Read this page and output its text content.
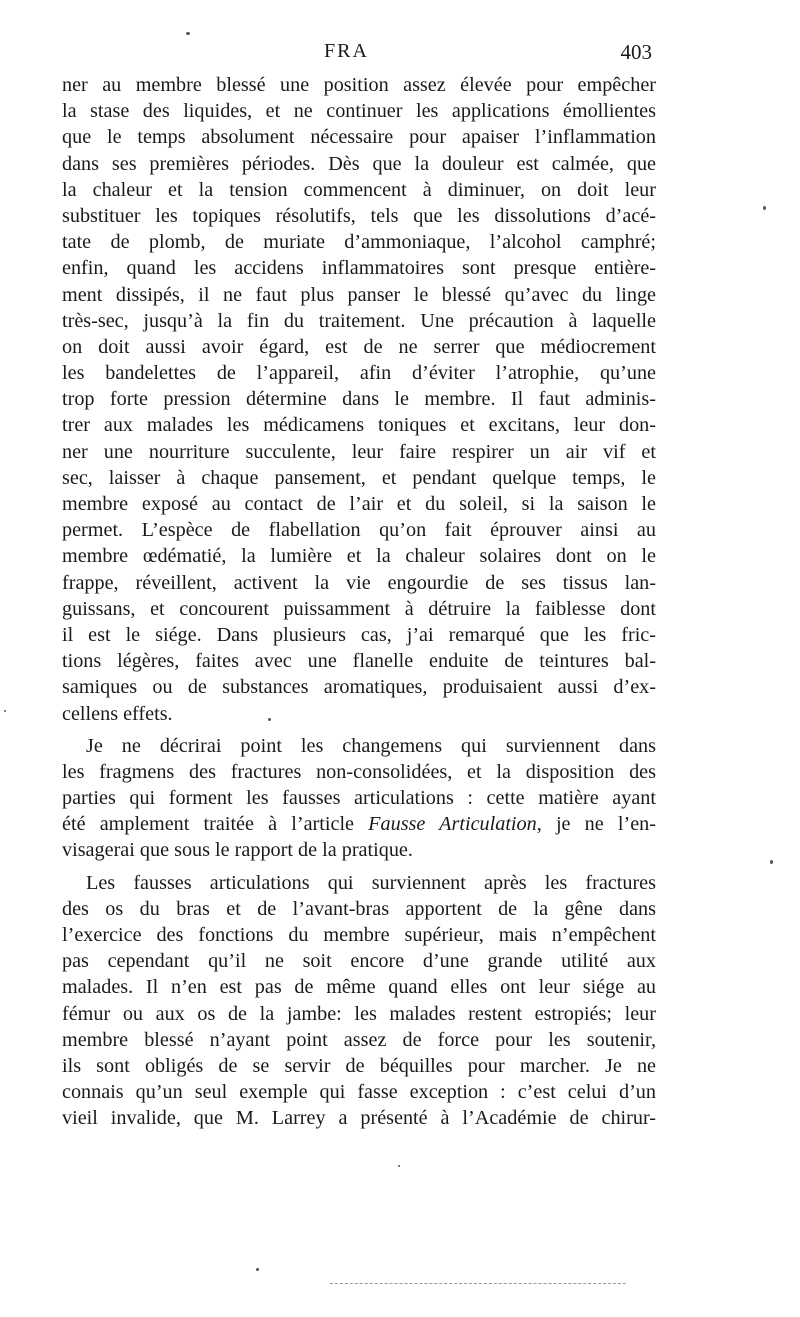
FRA	403
ner au membre blessé une position assez élevée pour empêcher
la stase des liquides, et ne continuer les applications émollientes
que le temps absolument nécessaire pour apaiser l’inflammation
dans ses premières périodes. Dès que la douleur est calmée, que
la chaleur et la tension commencent à diminuer, on doit leur
substituer les topiques résolutifs, tels que les dissolutions d’acé-
tate de plomb, de muriate d’ammoniaque, l’alcohol camphré;
enfin, quand les accidens inflammatoires sont presque entière-
ment dissipés, il ne faut plus panser le blessé qu’avec du linge
très-sec, jusqu’à la fin du traitement. Une précaution à laquelle
on doit aussi avoir égard, est de ne serrer que médiocrement
les bandelettes de l’appareil, afin d’éviter l’atrophie, qu’une
trop forte pression détermine dans le membre. Il faut adminis-
trer aux malades les médicamens toniques et excitans, leur don-
ner une nourriture succulente, leur faire respirer un air vif et
sec, laisser à chaque pansement, et pendant quelque temps, le
membre exposé au contact de l’air et du soleil, si la saison le
permet. L’espèce de flabellation qu’on fait éprouver ainsi au
membre œdématié, la lumière et la chaleur solaires dont on le
frappe, réveillent, activent la vie engourdie de ses tissus lan-
guissans, et concourent puissamment à détruire la faiblesse dont
il est le siége. Dans plusieurs cas, j’ai remarqué que les fric-
tions légères, faites avec une flanelle enduite de teintures bal-
samiques ou de substances aromatiques, produisaient aussi d’ex-
cellens effets.
Je ne décrirai point les changemens qui surviennent dans
les fragmens des fractures non-consolidées, et la disposition des
parties qui forment les fausses articulations : cette matière ayant
été amplement traitée à l’article Fausse Articulation, je ne l’en-
visagerai que sous le rapport de la pratique.
Les fausses articulations qui surviennent après les fractures
des os du bras et de l’avant-bras apportent de la gêne dans
l’exercice des fonctions du membre supérieur, mais n’empêchent
pas cependant qu’il ne soit encore d’une grande utilité aux
malades. Il n’en est pas de même quand elles ont leur siége au
fémur ou aux os de la jambe: les malades restent estropiés; leur
membre blessé n’ayant point assez de force pour les soutenir,
ils sont obligés de se servir de béquilles pour marcher. Je ne
connais qu’un seul exemple qui fasse exception : c’est celui d’un
vieil invalide, que M. Larrey a présenté à l’Académie de chirur-
